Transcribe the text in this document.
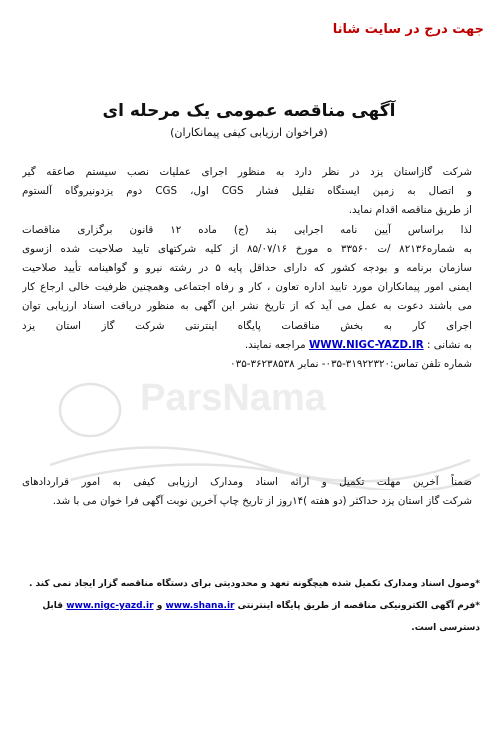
ParsNama
جهت درج در سایت شانا
آگهی مناقصه عمومی یک مرحله ای
(فراخوان ارزیابی کیفی پیمانکاران)
شرکت گازاستان یزد در نظر دارد به منظور اجرای عملیات نصب سیستم صاعقه گیر
و اتصال به زمین ایستگاه تقلیل فشار CGS اول، CGS دوم یزدونیروگاه آلستوم
از طریق مناقصه اقدام نماید.
لذا براساس آیین نامه اجرایی بند (ج) ماده ۱۲ قانون برگزاری مناقصات
به شماره۸۲۱۳۶ /ت ۳۳۵۶۰ ه مورخ ۸۵/۰۷/۱۶ از کلیه شرکتهای تایید صلاحیت شده ازسوی
سازمان برنامه و بودجه کشور که دارای حداقل پایه ۵ در رشته نیرو و گواهینامه تأیید صلاحیت
ایمنی امور پیمانکاران مورد تایید اداره تعاون ، کار و رفاه اجتماعی وهمچنین ظرفیت خالی ارجاع کار
می باشند دعوت به عمل می آید که از تاریخ نشر این آگهی به منظور دریافت اسناد ارزیابی توان
اجرای کار به بخش مناقصات پایگاه اینترنتی شرکت گاز استان یزد
به نشانی : WWW.NIGC-YAZD.IR مراجعه نمایند.
شماره تلفن تماس:۳۱۹۲۲۳۲۰-۰۳۵- نمابر ۳۶۲۳۸۵۳۸-۰۳۵
ضمناً آخرین مهلت تکمیل و ارائه اسناد ومدارک ارزیابی کیفی به امور قراردادهای
شرکت گاز استان یزد حداکثر (دو هفته )۱۴روز از تاریخ چاپ آخرین نوبت آگهی فرا خوان می با شد.
*وصول اسناد ومدارک تکمیل شده هیچگونه تعهد و محدودیتی برای دستگاه مناقصه گزار ایجاد نمی کند .
*فرم آگهی الکترونیکی مناقصه از طریق پایگاه اینترنتی www.shana.ir و www.nigc-yazd.ir قابل دسترسی است.
